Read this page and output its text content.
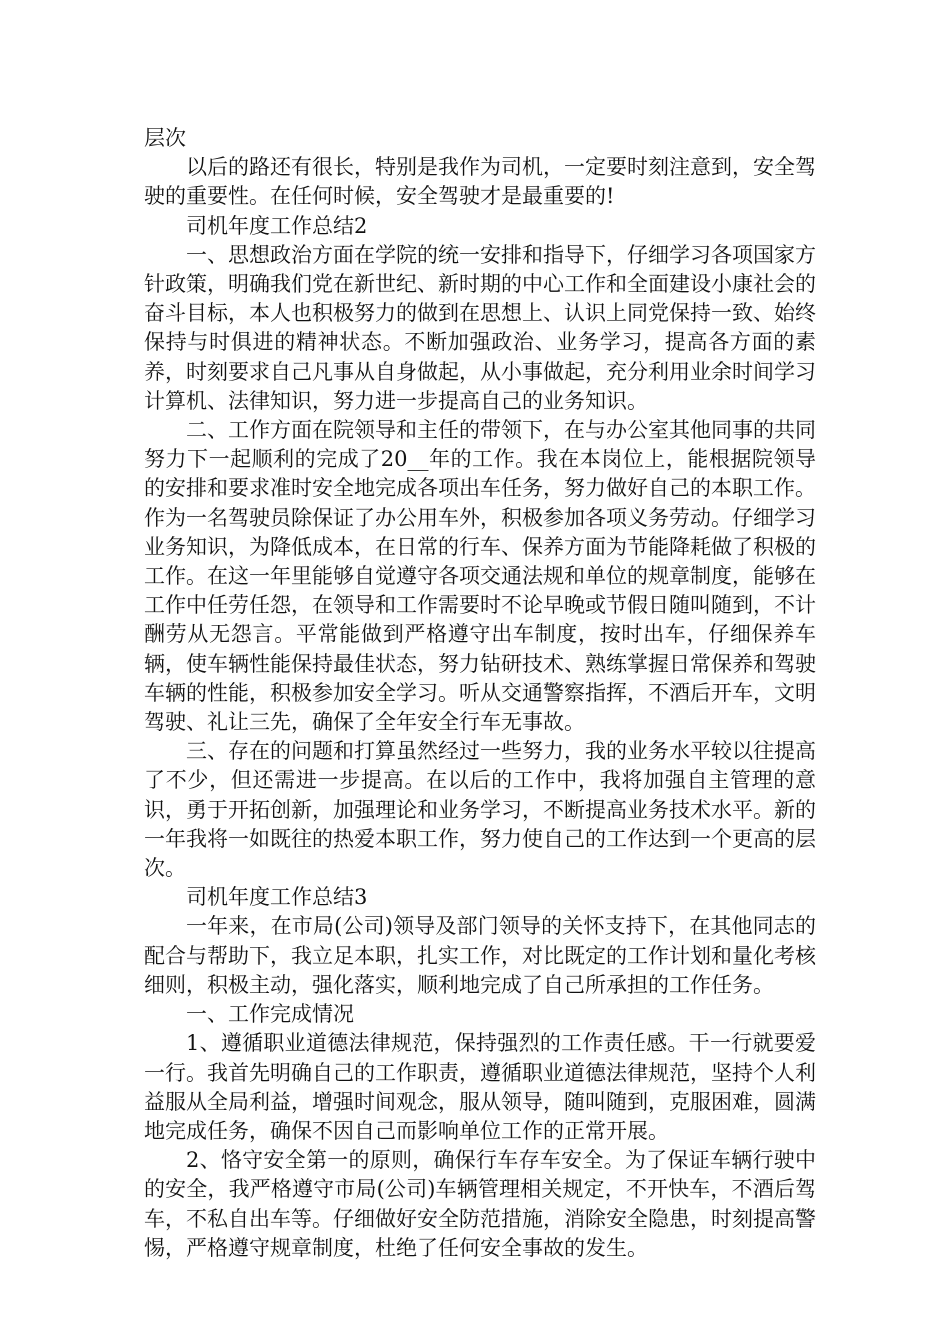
层次

以后的路还有很长，特别是我作为司机，一定要时刻注意到，安全驾驶的重要性。在任何时候，安全驾驶才是最重要的!

司机年度工作总结2

一、思想政治方面在学院的统一安排和指导下，仔细学习各项国家方针政策，明确我们党在新世纪、新时期的中心工作和全面建设小康社会的奋斗目标，本人也积极努力的做到在思想上、认识上同党保持一致、始终保持与时俱进的精神状态。不断加强政治、业务学习，提高各方面的素养，时刻要求自己凡事从自身做起，从小事做起，充分利用业余时间学习计算机、法律知识，努力进一步提高自己的业务知识。

二、工作方面在院领导和主任的带领下，在与办公室其他同事的共同努力下一起顺利的完成了20__年的工作。我在本岗位上，能根据院领导的安排和要求准时安全地完成各项出车任务，努力做好自己的本职工作。作为一名驾驶员除保证了办公用车外，积极参加各项义务劳动。仔细学习业务知识，为降低成本，在日常的行车、保养方面为节能降耗做了积极的工作。在这一年里能够自觉遵守各项交通法规和单位的规章制度，能够在工作中任劳任怨，在领导和工作需要时不论早晚或节假日随叫随到，不计酬劳从无怨言。平常能做到严格遵守出车制度，按时出车，仔细保养车辆，使车辆性能保持最佳状态，努力钻研技术、熟练掌握日常保养和驾驶车辆的性能，积极参加安全学习。听从交通警察指挥，不酒后开车，文明驾驶、礼让三先，确保了全年安全行车无事故。

三、存在的问题和打算虽然经过一些努力，我的业务水平较以往提高了不少，但还需进一步提高。在以后的工作中，我将加强自主管理的意识，勇于开拓创新，加强理论和业务学习，不断提高业务技术水平。新的一年我将一如既往的热爱本职工作，努力使自己的工作达到一个更高的层次。

司机年度工作总结3

一年来，在市局(公司)领导及部门领导的关怀支持下，在其他同志的配合与帮助下，我立足本职，扎实工作，对比既定的工作计划和量化考核细则，积极主动，强化落实，顺利地完成了自己所承担的工作任务。

一、工作完成情况

1、遵循职业道德法律规范，保持强烈的工作责任感。干一行就要爱一行。我首先明确自己的工作职责，遵循职业道德法律规范，坚持个人利益服从全局利益，增强时间观念，服从领导，随叫随到，克服困难，圆满地完成任务，确保不因自己而影响单位工作的正常开展。

2、恪守安全第一的原则，确保行车存车安全。为了保证车辆行驶中的安全，我严格遵守市局(公司)车辆管理相关规定，不开快车，不酒后驾车，不私自出车等。仔细做好安全防范措施，消除安全隐患，时刻提高警惕，严格遵守规章制度，杜绝了任何安全事故的发生。
